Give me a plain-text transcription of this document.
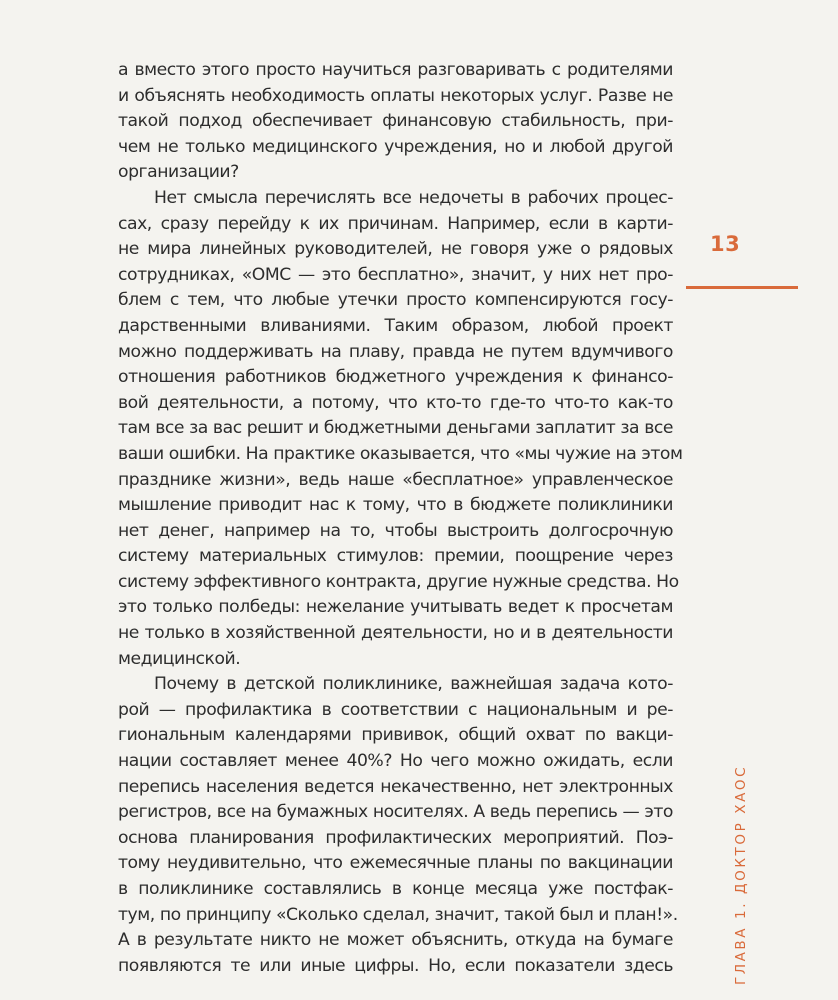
а вместо этого просто научиться разговаривать с родителями
и объяснять необходимость оплаты некоторых услуг. Разве не
такой подход обеспечивает финансовую стабильность, при-
чем не только медицинского учреждения, но и любой другой
организации?
Нет смысла перечислять все недочеты в рабочих процес-
сах, сразу перейду к их причинам. Например, если в карти-
не мира линейных руководителей, не говоря уже о рядовых
сотрудниках, «ОМС — это бесплатно», значит, у них нет про-
блем с тем, что любые утечки просто компенсируются госу-
дарственными вливаниями. Таким образом, любой проект
можно поддерживать на плаву, правда не путем вдумчивого
отношения работников бюджетного учреждения к финансо-
вой деятельности, а потому, что кто-то где-то что-то как-то
там все за вас решит и бюджетными деньгами заплатит за все
ваши ошибки. На практике оказывается, что «мы чужие на этом
празднике жизни», ведь наше «бесплатное» управленческое
мышление приводит нас к тому, что в бюджете поликлиники
нет денег, например на то, чтобы выстроить долгосрочную
систему материальных стимулов: премии, поощрение через
систему эффективного контракта, другие нужные средства. Но
это только полбеды: нежелание учитывать ведет к просчетам
не только в хозяйственной деятельности, но и в деятельности
медицинской.
Почему в детской поликлинике, важнейшая задача кото-
рой — профилактика в соответствии с национальным и ре-
гиональным календарями прививок, общий охват по вакци-
нации составляет менее 40%? Но чего можно ожидать, если
перепись населения ведется некачественно, нет электронных
регистров, все на бумажных носителях. А ведь перепись — это
основа планирования профилактических мероприятий. Поэ-
тому неудивительно, что ежемесячные планы по вакцинации
в поликлинике составлялись в конце месяца уже постфак-
тум, по принципу «Сколько сделал, значит, такой был и план!».
А в результате никто не может объяснить, откуда на бумаге
появляются те или иные цифры. Но, если показатели здесь
13
ГЛАВА 1. ДОКТОР ХАОС
